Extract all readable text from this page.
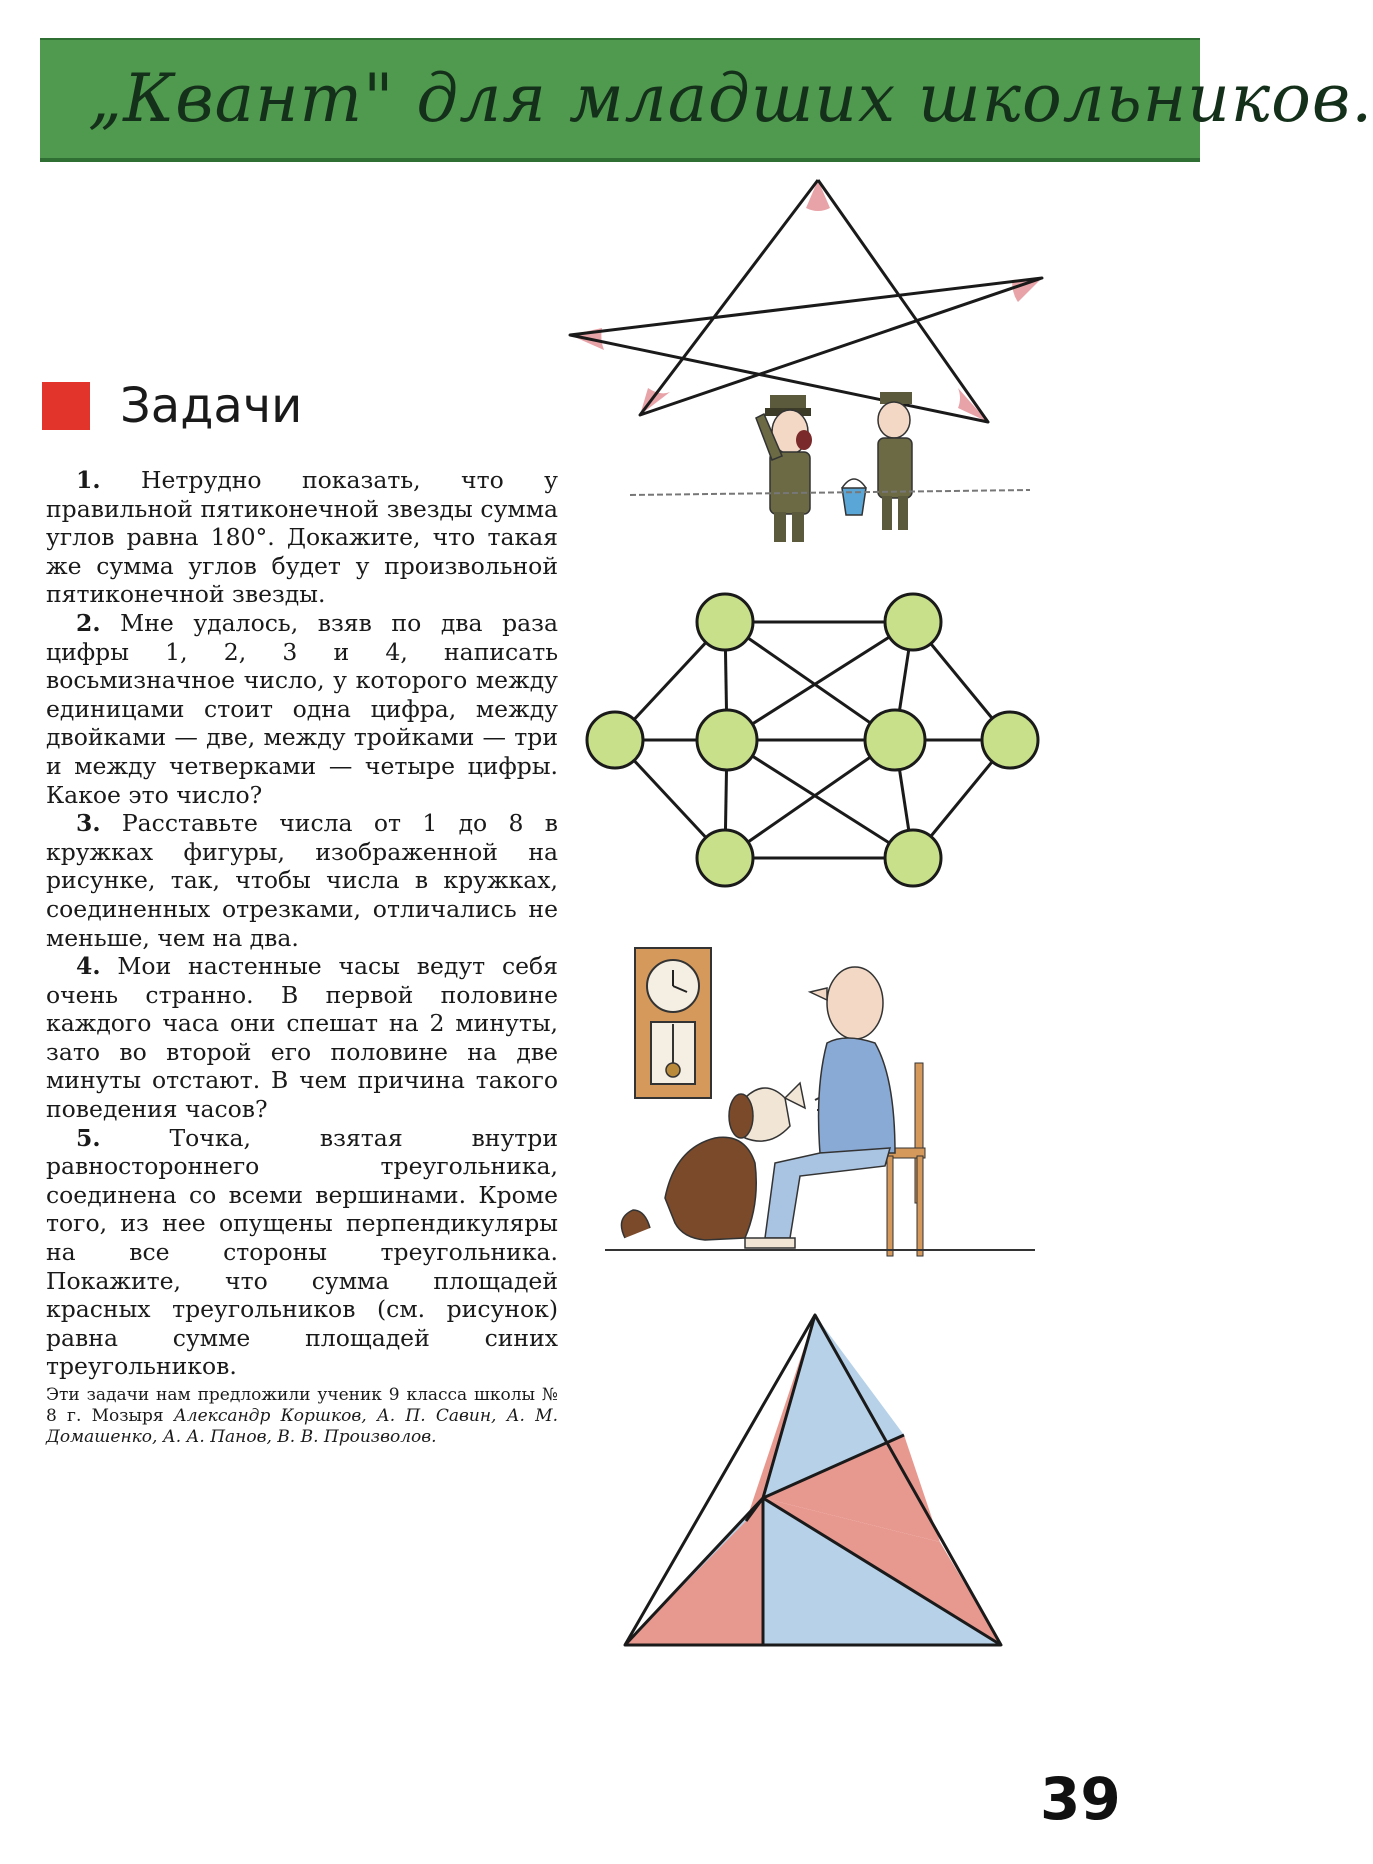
„Квант" для младших школьников.
Задачи

1. Нетрудно показать, что у правильной пятиконечной звезды сумма углов равна 180°. Докажите, что такая же сумма углов будет у произвольной пятиконечной звезды.

2. Мне удалось, взяв по два раза цифры 1, 2, 3 и 4, написать восьмизначное число, у которого между единицами стоит одна цифра, между двойками — две, между тройками — три и между четверками — четыре цифры. Какое это число?

3. Расставьте числа от 1 до 8 в кружках фигуры, изображенной на рисунке, так, чтобы числа в кружках, соединенных отрезками, отличались не меньше, чем на два.

4. Мои настенные часы ведут себя очень странно. В первой половине каждого часа они спешат на 2 минуты, зато во второй его половине на две минуты отстают. В чем причина такого поведения часов?

5.	Точка, взятая внутри равностороннего треугольника, соединена со всеми вершинами. Кроме того, из нее опущены перпендикуляры на все стороны треугольника. Покажите, что сумма площадей красных треугольников (см. рисунок) равна сумме площадей синих треугольников.

Эти задачи нам предложили ученик 9 класса школы № 8 г. Мозыря Александр Коршков, А. П. Савин, А. М. Домашенко, А. А. Панов, В. В. Произволов.
39
